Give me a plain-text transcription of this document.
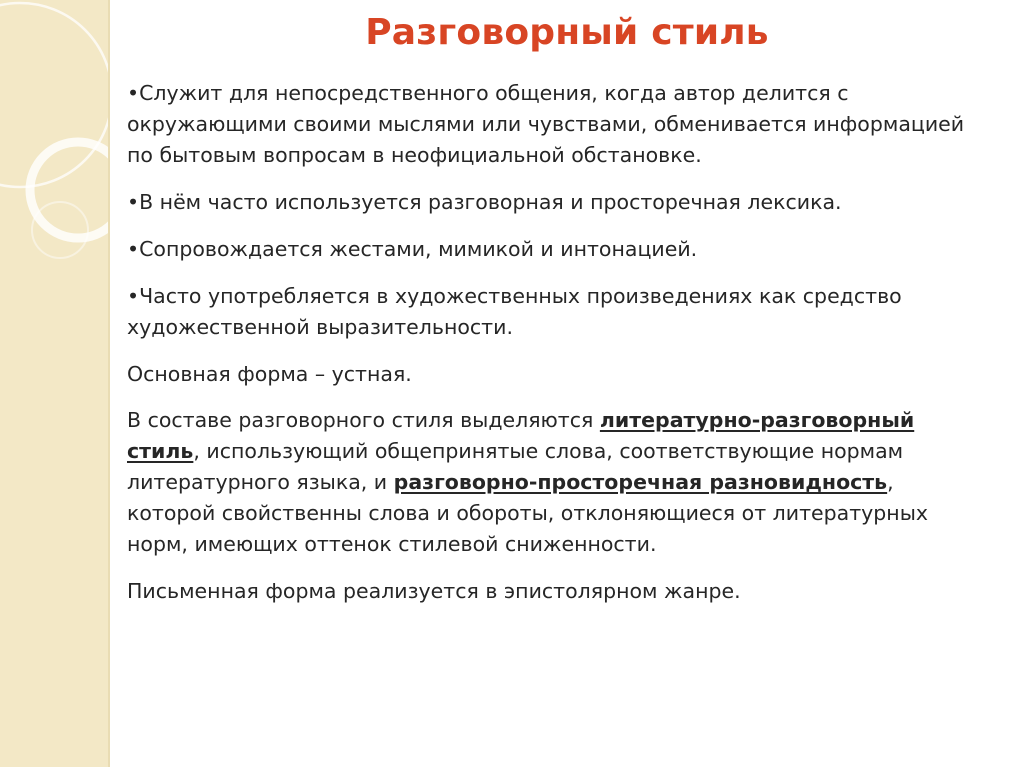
Разговорный стиль

•Служит для непосредственного общения, когда автор делится с окружающими своими мыслями или чувствами, обменивается информацией по бытовым вопросам в неофициальной обстановке.

•В нём часто используется разговорная и просторечная лексика.

•Сопровождается жестами, мимикой и интонацией.

•Часто употребляется в художественных произведениях как средство художественной выразительности.

Основная форма – устная.

В составе разговорного стиля выделяются литературно-разговорный стиль, использующий общепринятые слова, соответствующие нормам литературного языка, и разговорно-просторечная разновидность, которой свойственны слова и обороты, отклоняющиеся от литературных норм, имеющих оттенок стилевой сниженности.

Письменная форма реализуется в эпистолярном жанре.
